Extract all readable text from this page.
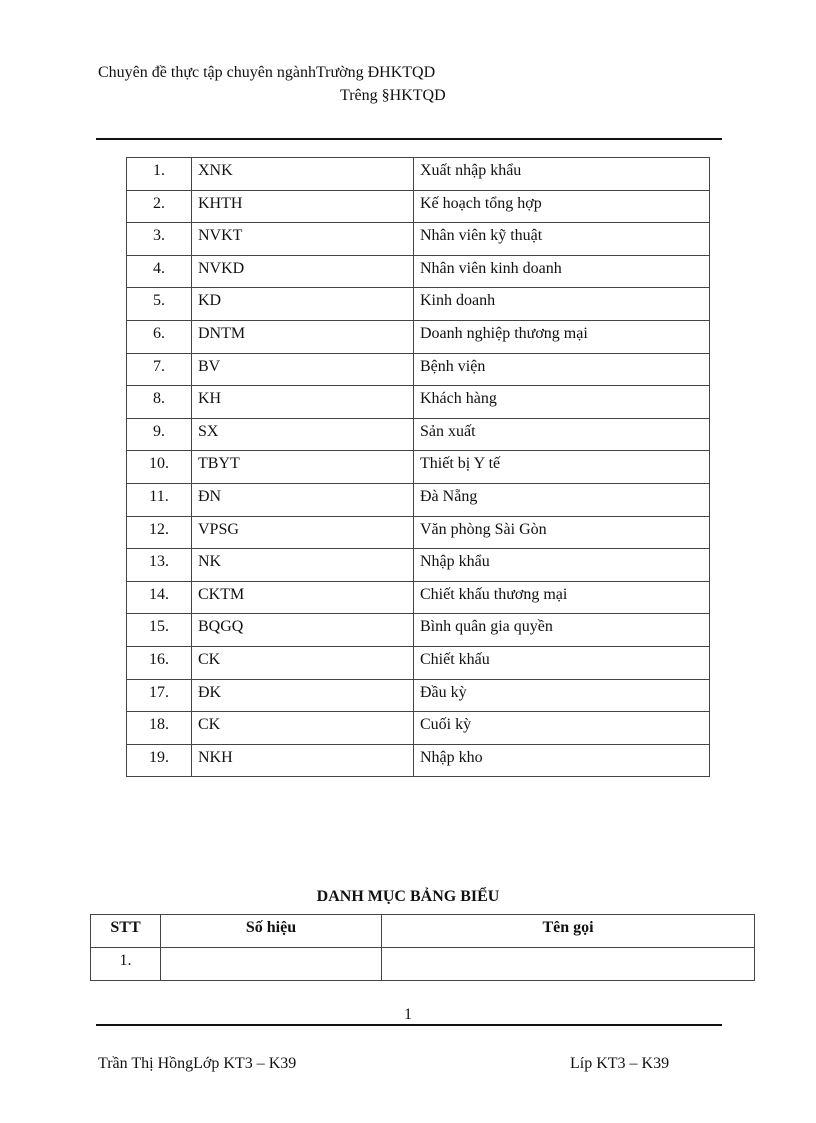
Chuyên đề thực tập chuyên ngànhTrường ĐHKTQD
Trêng §HKTQD
1.	XNK	Xuất nhập khẩu
2.	KHTH	Kế hoạch tổng hợp
3.	NVKT	Nhân viên kỹ thuật
4.	NVKD	Nhân viên kinh doanh
5.	KD	Kinh doanh
6.	DNTM	Doanh nghiệp thương mại
7.	BV	Bệnh viện
8.	KH	Khách hàng
9.	SX	Sản xuất
10.	TBYT	Thiết bị Y tế
11.	ĐN	Đà Nẵng
12.	VPSG	Văn phòng Sài Gòn
13.	NK	Nhập khẩu
14.	CKTM	Chiết khấu thương mại
15.	BQGQ	Bình quân gia quyền
16.	CK	Chiết khấu
17.	ĐK	Đầu kỳ
18.	CK	Cuối kỳ
19.	NKH	Nhập kho
DANH MỤC BẢNG BIỂU
STT	Số hiệu	Tên gọi
1.		
1
Trần Thị HồngLớp KT3 – K39	Líp KT3 – K39
